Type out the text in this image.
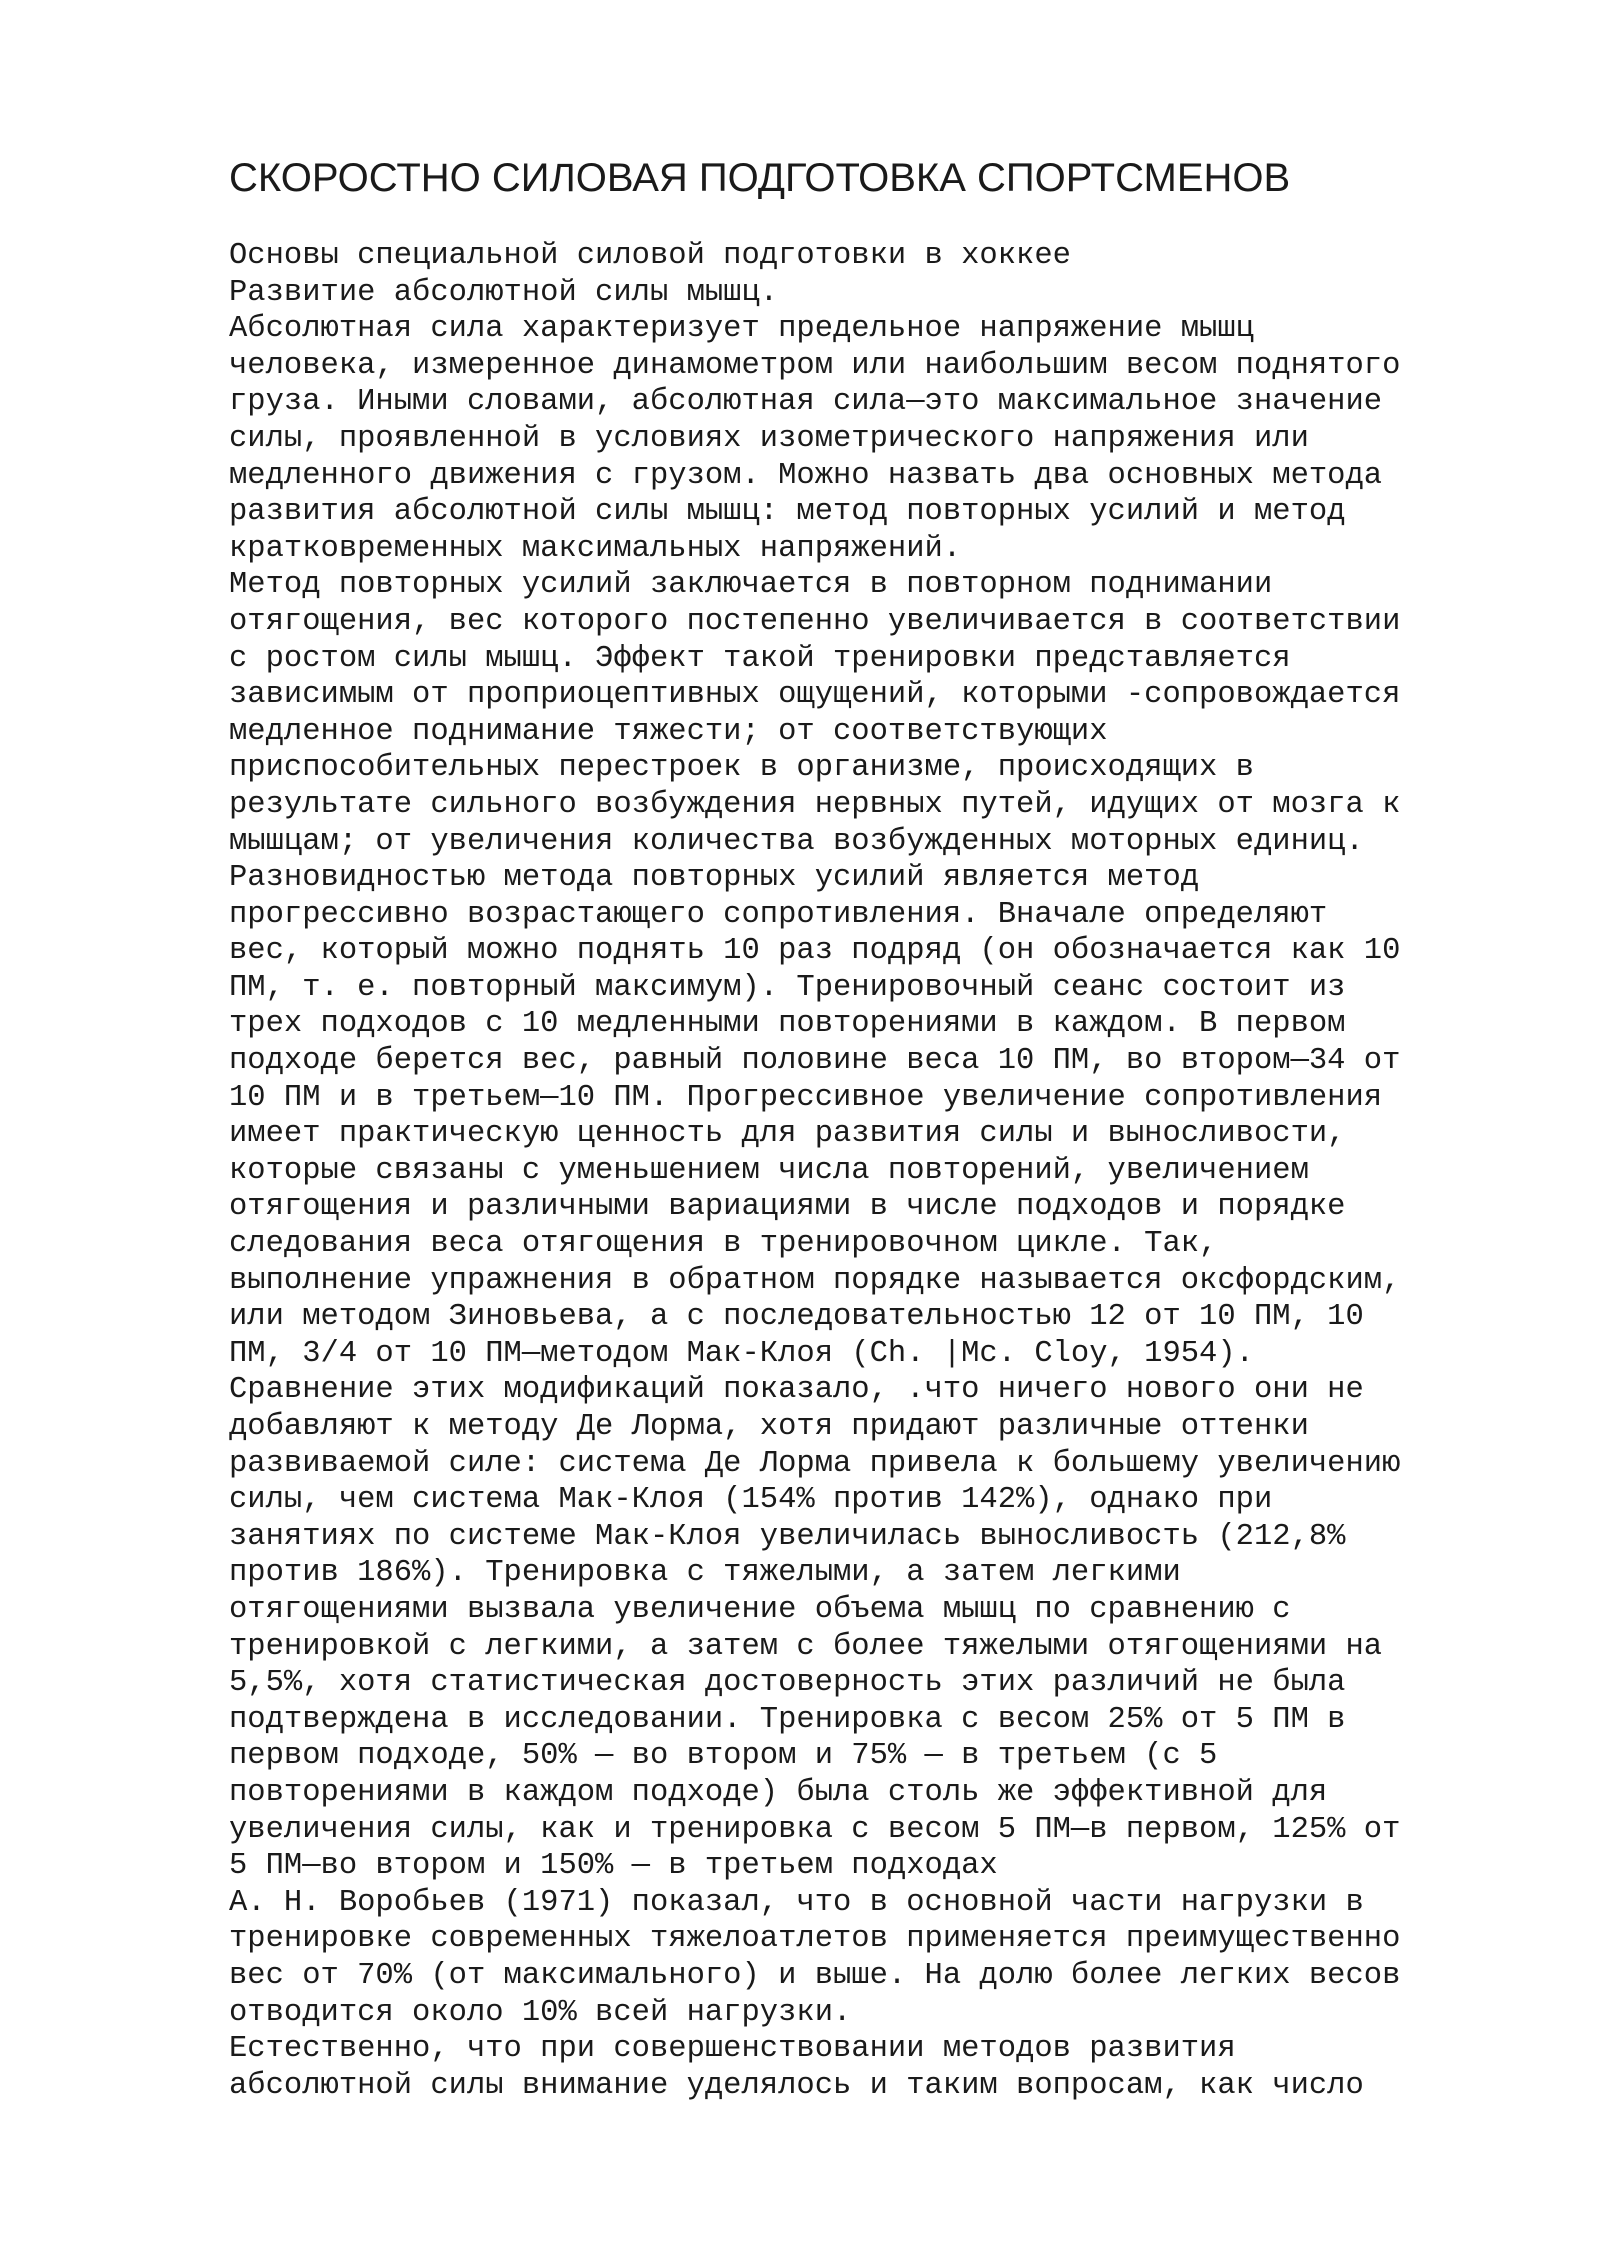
СКОРОСТНО СИЛОВАЯ ПОДГОТОВКА СПОРТСМЕНОВ
Основы специальной силовой подготовки в хоккее
Развитие абсолютной силы мышц.
Абсолютная сила характеризует предельное напряжение мышц
человека, измеренное динамометром или наибольшим весом поднятого
груза. Иными словами, абсолютная сила—это максимальное значение
силы, проявленной в условиях изометрического напряжения или
медленного движения с грузом. Можно назвать два основных метода
развития абсолютной силы мышц: метод повторных усилий и метод
кратковременных максимальных напряжений.
Метод повторных усилий заключается в повторном поднимании
отягощения, вес которого постепенно увеличивается в соответствии
с ростом силы мышц. Эффект такой тренировки представляется
зависимым от проприоцептивных ощущений, которыми -сопровождается
медленное поднимание тяжести; от соответствующих
приспособительных перестроек в организме, происходящих в
результате сильного возбуждения нервных путей, идущих от мозга к
мышцам; от увеличения количества возбужденных моторных единиц.
Разновидностью метода повторных усилий является метод
прогрессивно возрастающего сопротивления. Вначале определяют
вес, который можно поднять 10 раз подряд (он обозначается как 10
ПМ, т. е. повторный максимум). Тренировочный сеанс состоит из
трех подходов с 10 медленными повторениями в каждом. В первом
подходе берется вес, равный половине веса 10 ПМ, во втором—34 от
10 ПМ и в третьем—10 ПМ. Прогрессивное увеличение сопротивления
имеет практическую ценность для развития силы и выносливости,
которые связаны с уменьшением числа повторений, увеличением
отягощения и различными вариациями в числе подходов и порядке
следования веса отягощения в тренировочном цикле. Так,
выполнение упражнения в обратном порядке называется оксфордским,
или методом Зиновьева, а с последовательностью 12 от 10 ПМ, 10
ПМ, 3/4 от 10 ПМ—методом Мак-Клоя (Ch. |Mc. Cloy, 1954).
Сравнение этих модификаций показало, .что ничего нового они не
добавляют к методу Де Лорма, хотя придают различные оттенки
развиваемой силе: система Де Лорма привела к большему увеличению
силы, чем система Мак-Клоя (154% против 142%), однако при
занятиях по системе Мак-Клоя увеличилась выносливость (212,8%
против 186%). Тренировка с тяжелыми, а затем легкими
отягощениями вызвала увеличение объема мышц по сравнению с
тренировкой с легкими, а затем с более тяжелыми отягощениями на
5,5%, хотя статистическая достоверность этих различий не была
подтверждена в исследовании. Тренировка с весом 25% от 5 ПМ в
первом подходе, 50% — во втором и 75% — в третьем (с 5
повторениями в каждом подходе) была столь же эффективной для
увеличения силы, как и тренировка с весом 5 ПМ—в первом, 125% от
5 ПМ—во втором и 150% — в третьем подходах
А. Н. Воробьев (1971) показал, что в основной части нагрузки в
тренировке современных тяжелоатлетов применяется преимущественно
вес от 70% (от максимального) и выше. На долю более легких весов
отводится около 10% всей нагрузки.
Естественно, что при совершенствовании методов развития
абсолютной силы внимание уделялось и таким вопросам, как число
